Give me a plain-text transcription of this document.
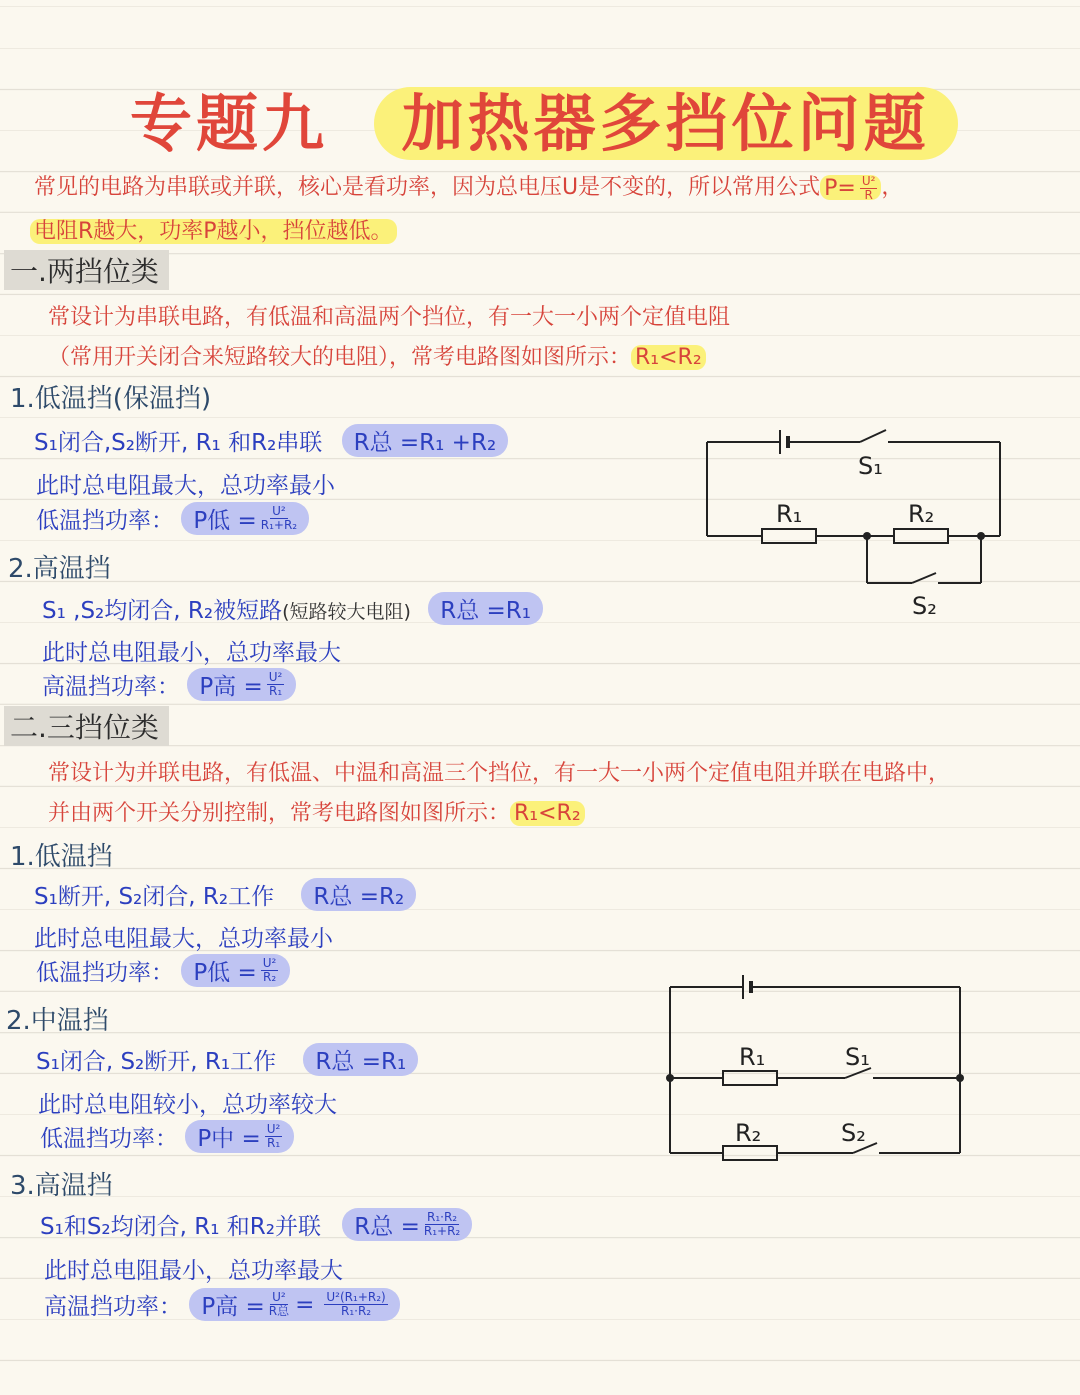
专题九 加热器多挡位问题
常见的电路为串联或并联，核心是看功率，因为总电压U是不变的，所以常用公式 $P= \frac{\text{U²}}{R}$ ，
电阻R越大，功率P越小，挡位越低。
一.两挡位类
常设计为串联电路，有低温和高温两个挡位，有一大一小两个定值电阻
（常用开关闭合来短路较大的电阻），常考电路图如图所示： R₁<R₂
1.低温挡(保温挡)
S₁闭合,S₂断开, R₁ 和R₂串联 R总 =R₁ +R₂
此时总电阻最大，总功率最小
低温挡功率： P低 = $\frac{\text{U²}}{\text{R₁+R₂}}$
2.高温挡
S₁ ,S₂均闭合, R₂被短路(短路较大电阻) R总 =R₁
此时总电阻最小，总功率最大
高温挡功率： P高 = $\frac{\text{U²}}{\text{R₁}}$
S₁
R₁	R₂
S₂
二.三挡位类
常设计为并联电路，有低温、中温和高温三个挡位，有一大一小两个定值电阻并联在电路中，
并由两个开关分别控制，常考电路图如图所示： R₁<R₂
1.低温挡
S₁断开, S₂闭合, R₂工作 R总 =R₂
此时总电阻最大，总功率最小
低温挡功率： P低 = $\frac{\text{U²}}{\text{R₂}}$
2.中温挡
S₁闭合, S₂断开, R₁工作 R总 =R₁
此时总电阻较小，总功率较大
低温挡功率： P中 = $\frac{\text{U²}}{\text{R₁}}$
3.高温挡
S₁和S₂均闭合, R₁ 和R₂并联 R总 = $\frac{\text{R₁·R₂}}{\text{R₁+R₂}}$
此时总电阻最小，总功率最大
高温挡功率： P高 = $\frac{\text{U²}}{\text{R总}} = \frac{\text{U²(R₁+R₂)}}{\text{R₁·R₂}}$
R₁	S₁
R₂	S₂
